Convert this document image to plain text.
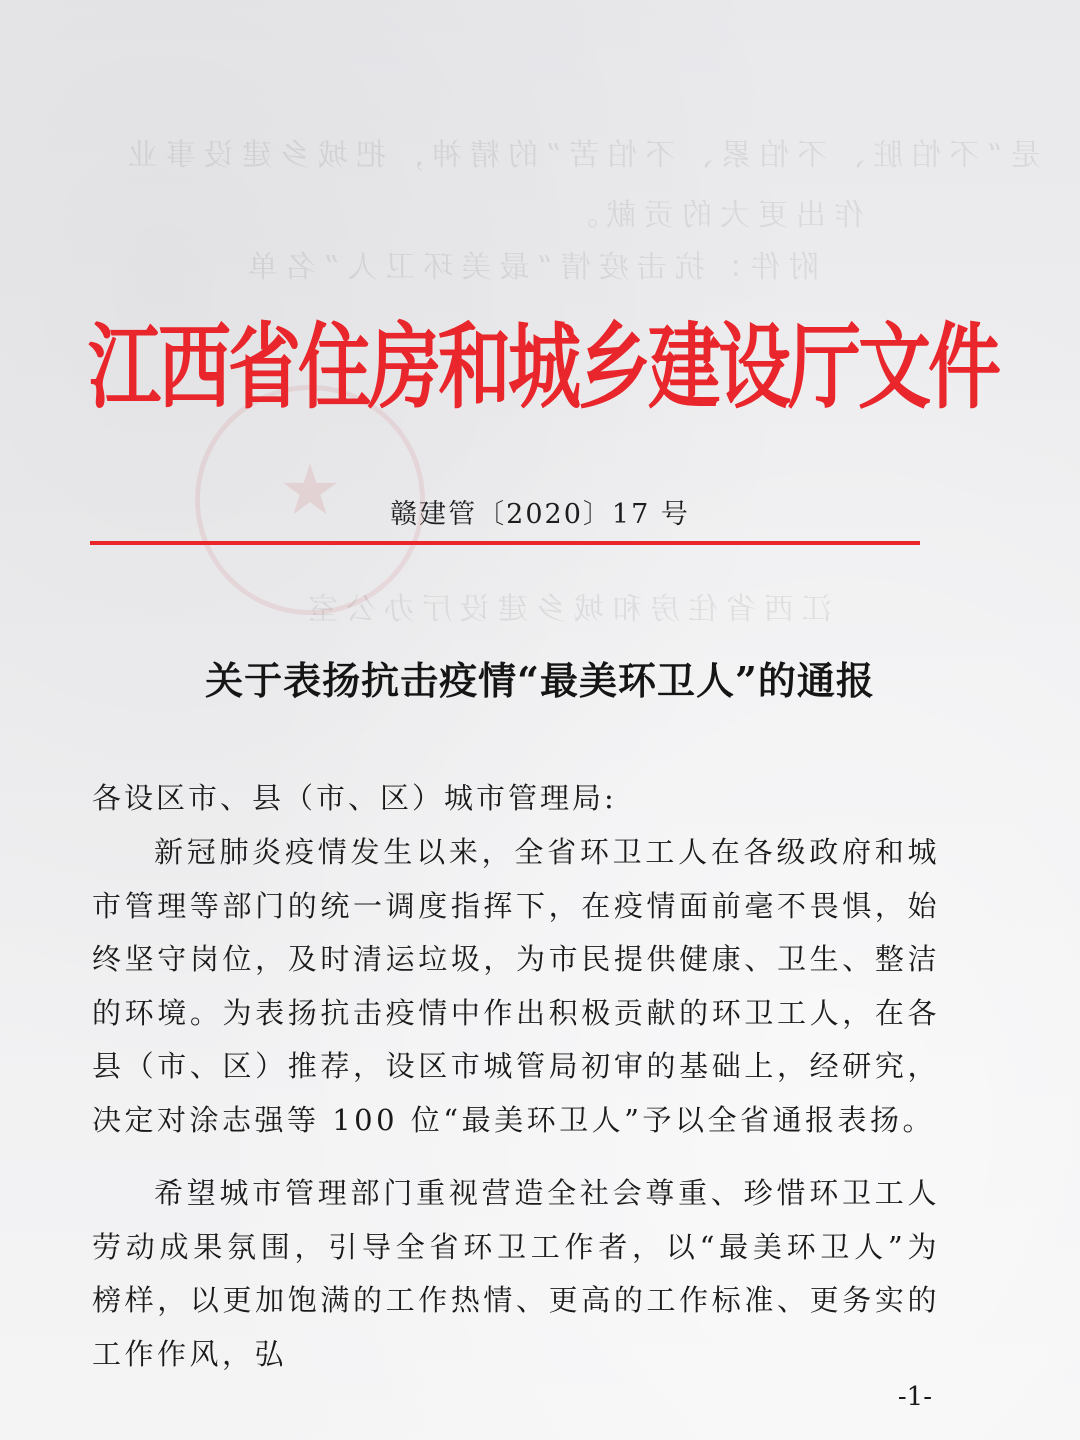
是“不怕脏、不怕累、不怕苦”的精神，把城乡建设事业
作出更大的贡献。
附件：抗击疫情“最美环卫人”名单
江西省住房和城乡建设厅办公室
★
江西省住房和城乡建设厅文件
赣建管〔2020〕17 号
关于表扬抗击疫情“最美环卫人”的通报
各设区市、县（市、区）城市管理局:

新冠肺炎疫情发生以来，全省环卫工人在各级政府和城市管理等部门的统一调度指挥下，在疫情面前毫不畏惧，始终坚守岗位，及时清运垃圾，为市民提供健康、卫生、整洁的环境。为表扬抗击疫情中作出积极贡献的环卫工人，在各县（市、区）推荐，设区市城管局初审的基础上，经研究，决定对涂志强等 100 位“最美环卫人”予以全省通报表扬。

希望城市管理部门重视营造全社会尊重、珍惜环卫工人劳动成果氛围，引导全省环卫工作者，以“最美环卫人”为榜样，以更加饱满的工作热情、更高的工作标准、更务实的工作作风，弘

-1-
